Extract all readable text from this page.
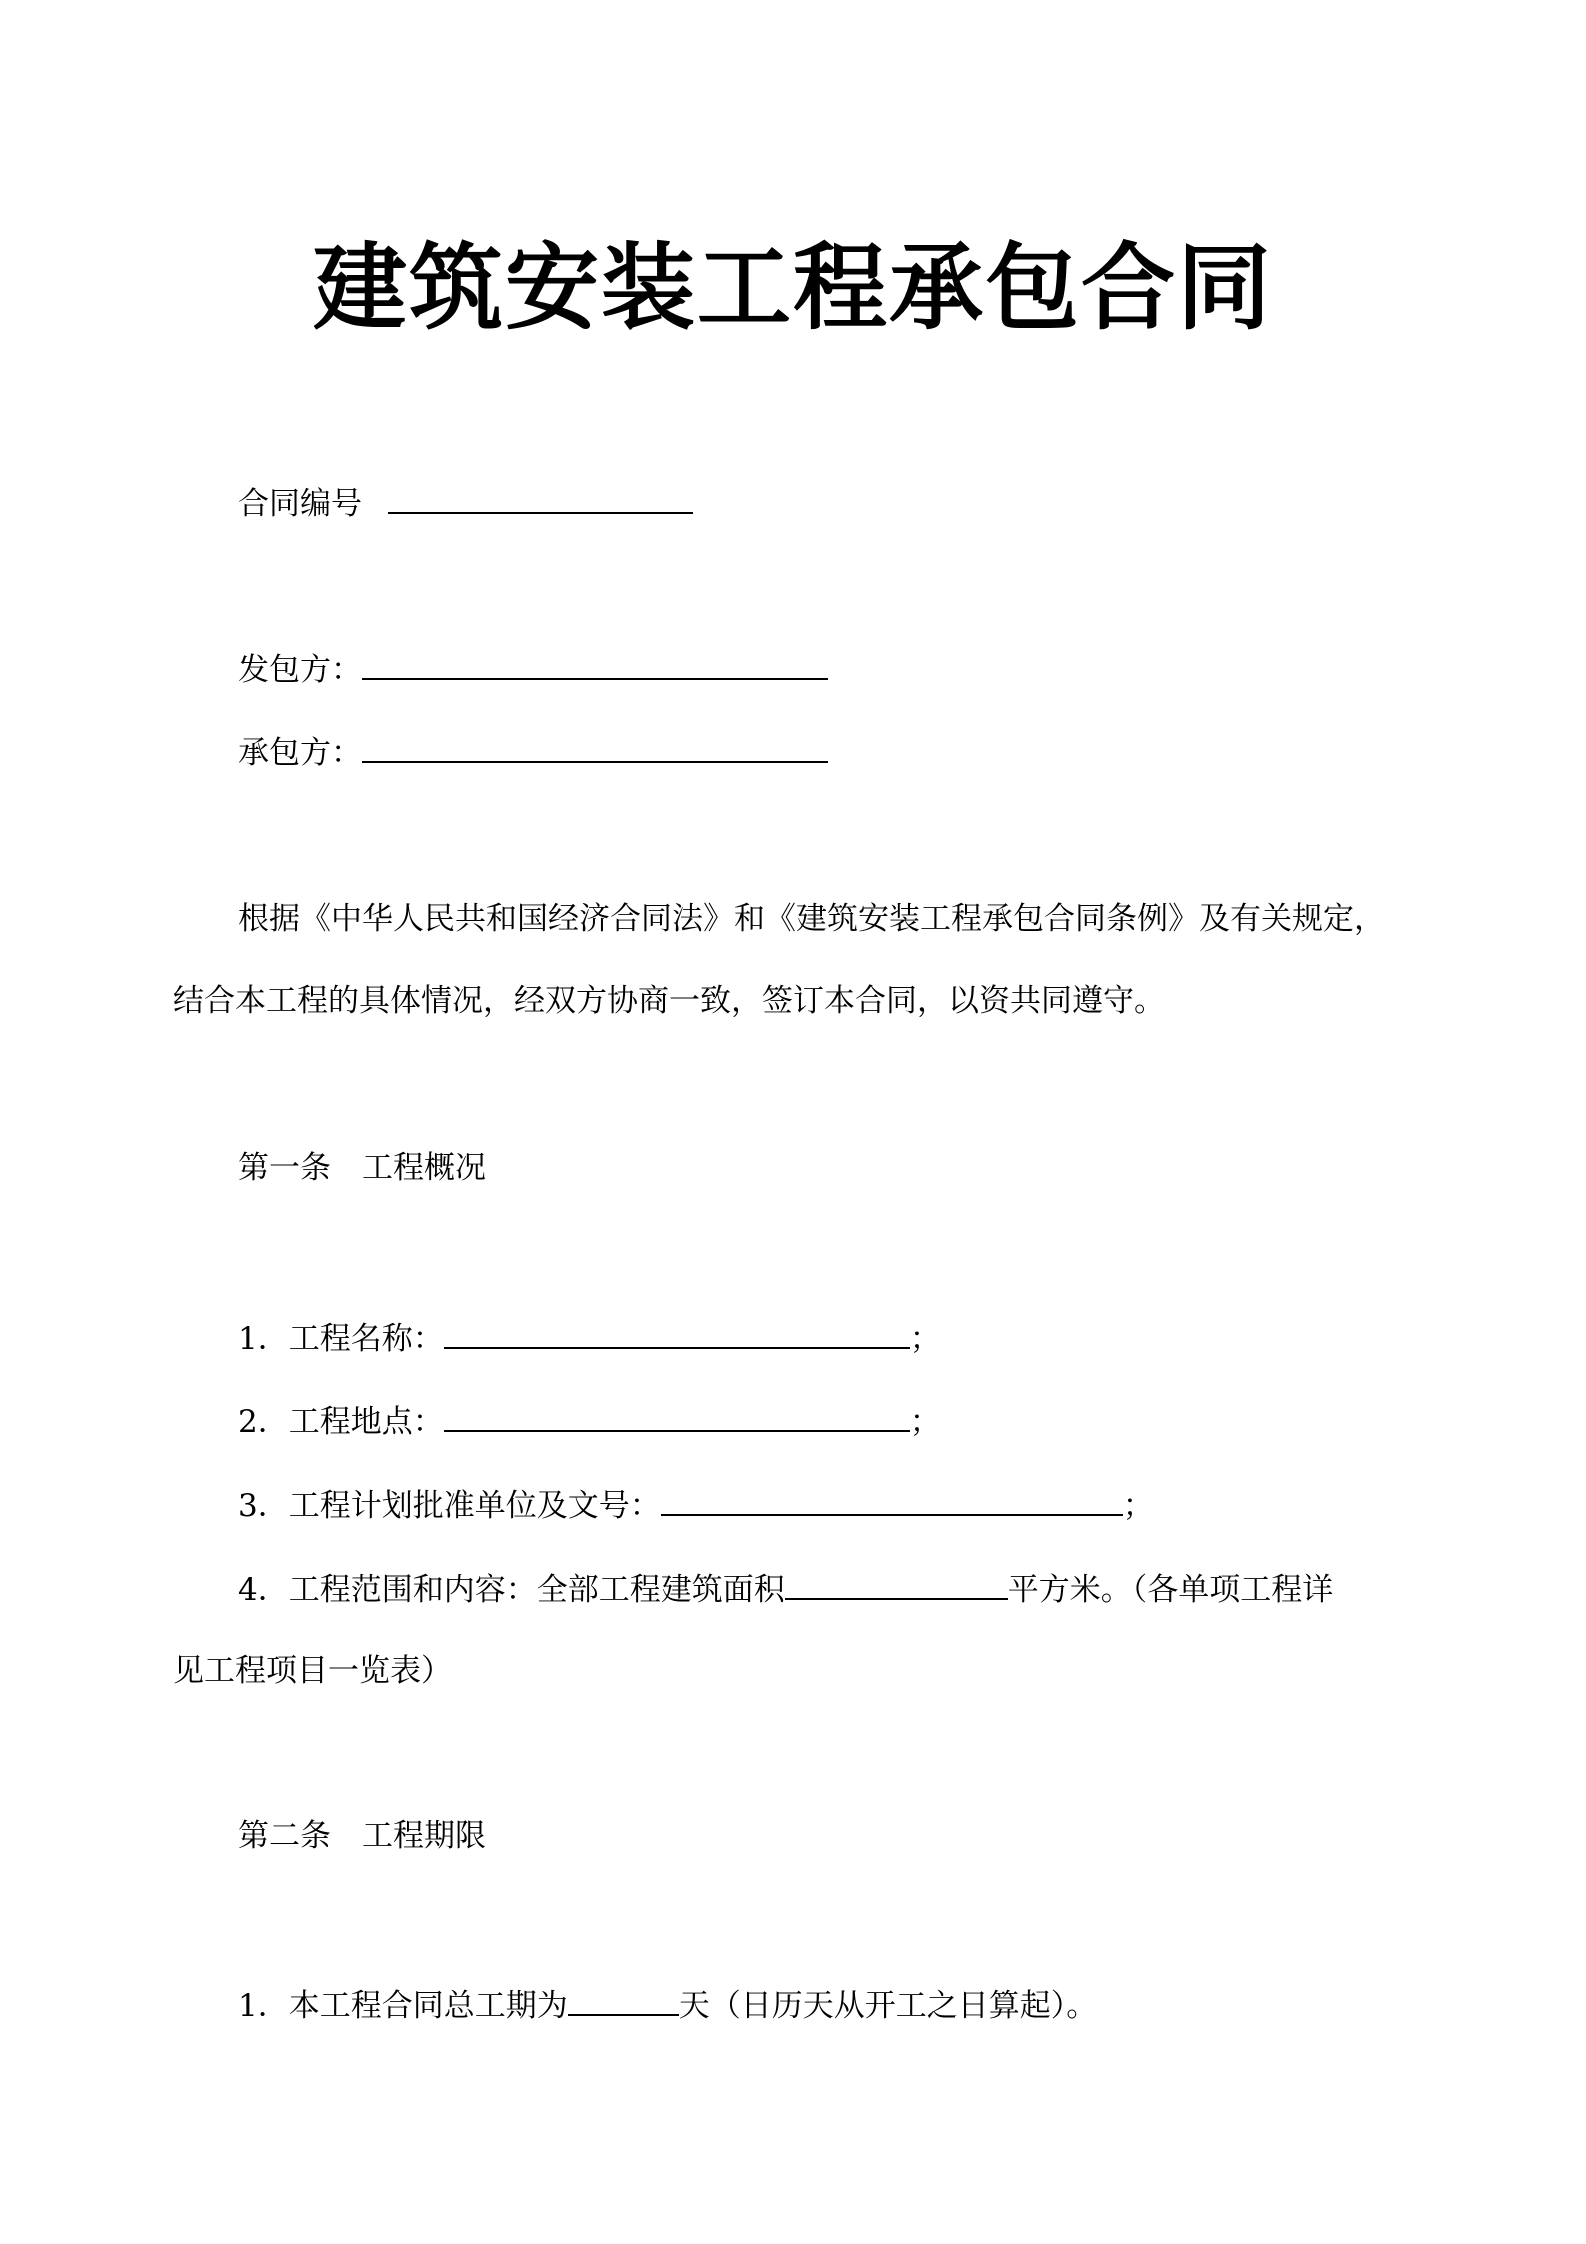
建筑安装工程承包合同
合同编号
发包方：
承包方：
根据《中华人民共和国经济合同法》和《建筑安装工程承包合同条例》及有关规定，
结合本工程的具体情况，经双方协商一致，签订本合同，以资共同遵守。
第一条　工程概况
1．工程名称：	；
2．工程地点：	；
3．工程计划批准单位及文号：	；
4．工程范围和内容：全部工程建筑面积	平方米。（各单项工程详
见工程项目一览表）
第二条　工程期限
1．本工程合同总工期为	天（日历天从开工之日算起）。
